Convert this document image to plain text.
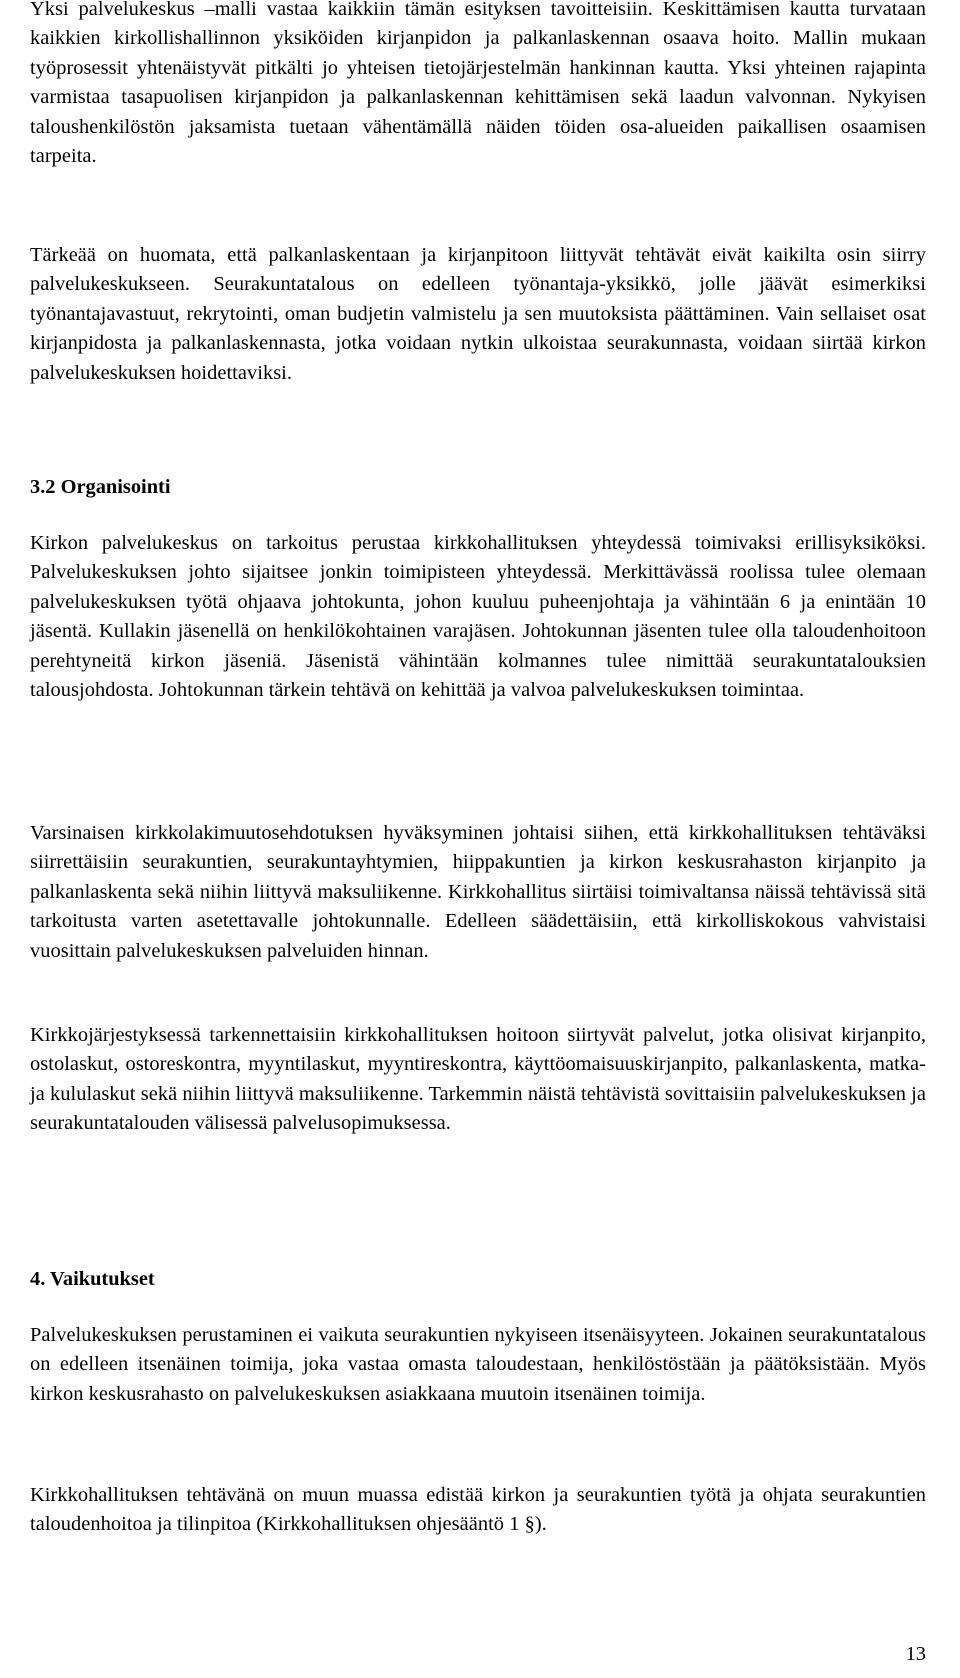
Yksi palvelukeskus –malli vastaa kaikkiin tämän esityksen tavoitteisiin. Keskittämisen kautta turvataan kaikkien kirkollishallinnon yksiköiden kirjanpidon ja palkanlaskennan osaava hoito. Mallin mukaan työprosessit yhtenäistyvät pitkälti jo yhteisen tietojärjestelmän hankinnan kautta. Yksi yhteinen rajapinta varmistaa tasapuolisen kirjanpidon ja palkanlaskennan kehittämisen sekä laadun valvonnan. Nykyisen taloushenkilöstön jaksamista tuetaan vähentämällä näiden töiden osa-alueiden paikallisen osaamisen tarpeita.

Tärkeää on huomata, että palkanlaskentaan ja kirjanpitoon liittyvät tehtävät eivät kaikilta osin siirry palvelukeskukseen. Seurakuntatalous on edelleen työnantaja-yksikkö, jolle jäävät esimerkiksi työnantajavastuut, rekrytointi, oman budjetin valmistelu ja sen muutoksista päättäminen. Vain sellaiset osat kirjanpidosta ja palkanlaskennasta, jotka voidaan nytkin ulkoistaa seurakunnasta, voidaan siirtää kirkon palvelukeskuksen hoidettaviksi.

3.2 Organisointi

Kirkon palvelukeskus on tarkoitus perustaa kirkkohallituksen yhteydessä toimivaksi erillisyksiköksi. Palvelukeskuksen johto sijaitsee jonkin toimipisteen yhteydessä. Merkittävässä roolissa tulee olemaan palvelukeskuksen työtä ohjaava johtokunta, johon kuuluu puheenjohtaja ja vähintään 6 ja enintään 10 jäsentä. Kullakin jäsenellä on henkilökohtainen varajäsen. Johtokunnan jäsenten tulee olla taloudenhoitoon perehtyneitä kirkon jäseniä. Jäsenistä vähintään kolmannes tulee nimittää seurakuntatalouksien talousjohdosta. Johtokunnan tärkein tehtävä on kehittää ja valvoa palvelukeskuksen toimintaa.

Varsinaisen kirkkolakimuutosehdotuksen hyväksyminen johtaisi siihen, että kirkkohallituksen tehtäväksi siirrettäisiin seurakuntien, seurakuntayhtymien, hiippakuntien ja kirkon keskusrahaston kirjanpito ja palkanlaskenta sekä niihin liittyvä maksuliikenne. Kirkkohallitus siirtäisi toimivaltansa näissä tehtävissä sitä tarkoitusta varten asetettavalle johtokunnalle. Edelleen säädettäisiin, että kirkolliskokous vahvistaisi vuosittain palvelukeskuksen palveluiden hinnan.

Kirkkojärjestyksessä tarkennettaisiin kirkkohallituksen hoitoon siirtyvät palvelut, jotka olisivat kirjanpito, ostolaskut, ostoreskontra, myyntilaskut, myyntireskontra, käyttöomaisuuskirjanpito, palkanlaskenta, matka- ja kululaskut sekä niihin liittyvä maksuliikenne. Tarkemmin näistä tehtävistä sovittaisiin palvelukeskuksen ja seurakuntatalouden välisessä palvelusopimuksessa.

4. Vaikutukset

Palvelukeskuksen perustaminen ei vaikuta seurakuntien nykyiseen itsenäisyyteen. Jokainen seurakuntatalous on edelleen itsenäinen toimija, joka vastaa omasta taloudestaan, henkilöstöstään ja päätöksistään. Myös kirkon keskusrahasto on palvelukeskuksen asiakkaana muutoin itsenäinen toimija.

Kirkkohallituksen tehtävänä on muun muassa edistää kirkon ja seurakuntien työtä ja ohjata seurakuntien taloudenhoitoa ja tilinpitoa (Kirkkohallituksen ohjesääntö 1 §).

13
